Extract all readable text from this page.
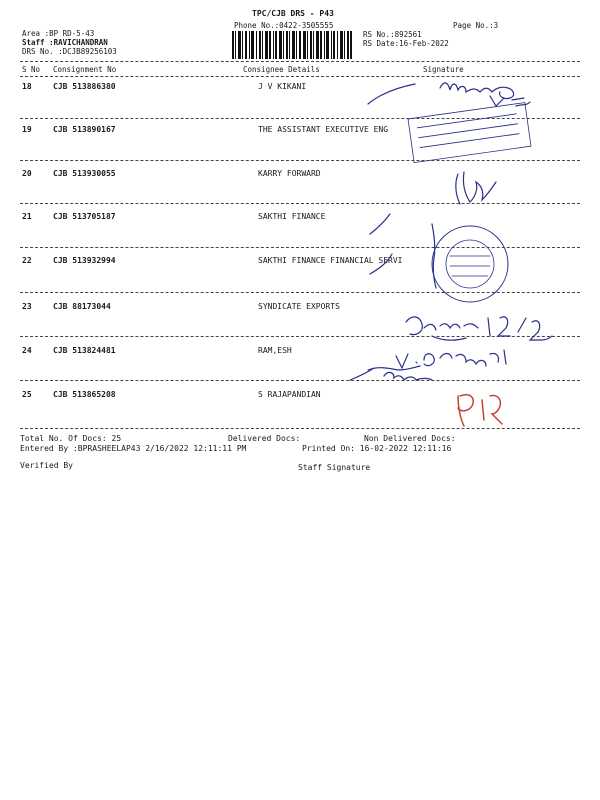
TPC/CJB DRS - P43
Phone No.:0422-3505555	Page No.:3
Area :BP RD-5-43
Staff :RAVICHANDRAN
DRS No. :DCJB89256103
RS No.:892561
RS Date:16-Feb-2022
S No Consignment No	Consignee Details	Signature
18	CJB 513886380	J V KIKANI
19	CJB 513890167	THE ASSISTANT EXECUTIVE ENG
20	CJB 513930055	KARRY FORWARD
21	CJB 513705187	SAKTHI FINANCE
22	CJB 513932994	SAKTHI FINANCE FINANCIAL SERVI
23	CJB 88173044	SYNDICATE EXPORTS
24	CJB 513824481	RAM,ESH
25	CJB 513865208	S RAJAPANDIAN
Total No. Of Docs: 25	Delivered Docs:	Non Delivered Docs:
Entered By :BPRASHEELAP43 2/16/2022 12:11:11 PM	Printed On: 16-02-2022 12:11:16
Verified By	Staff Signature
